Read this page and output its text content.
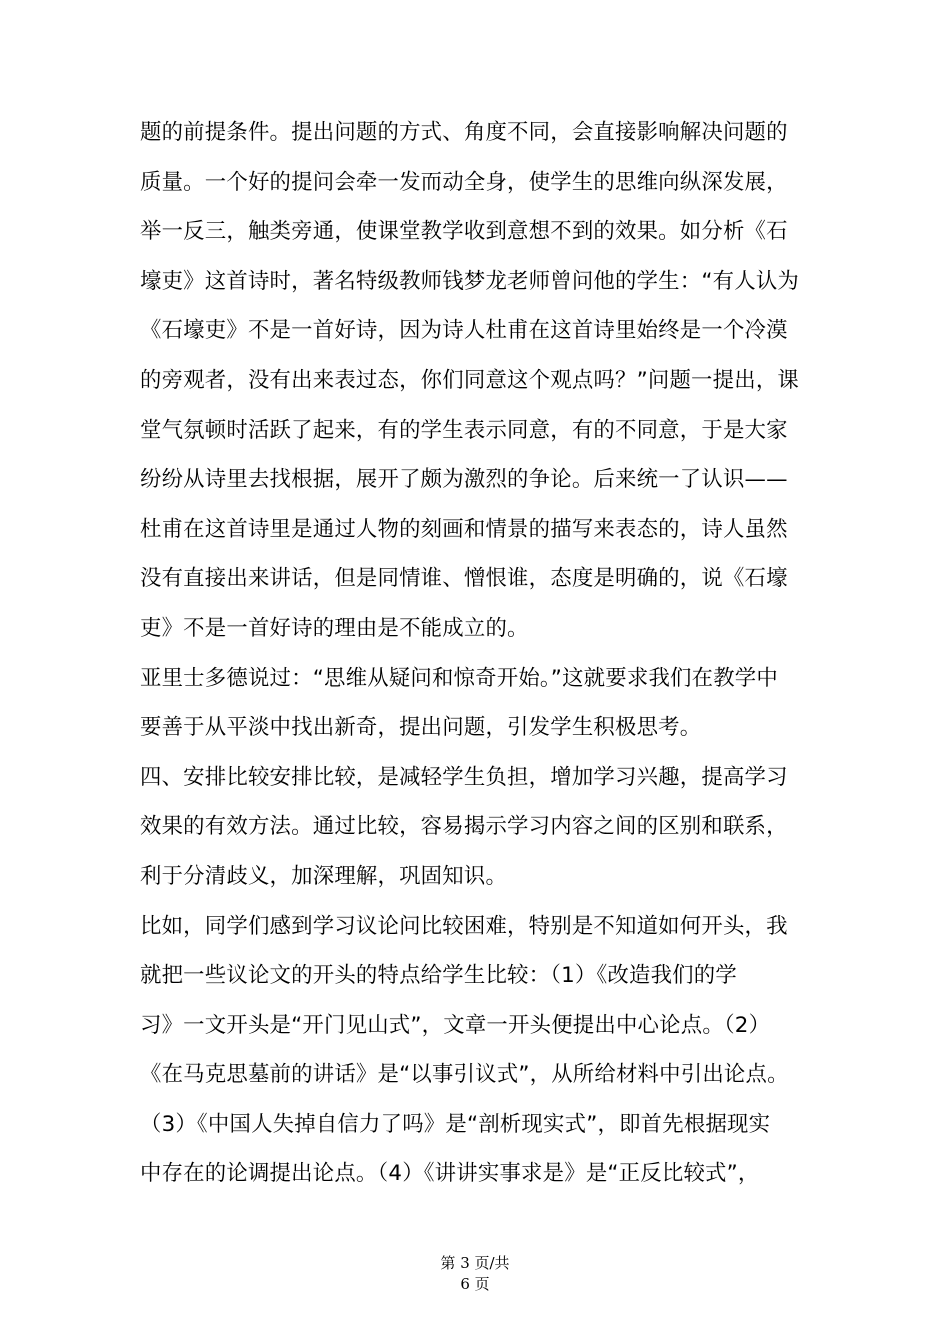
题的前提条件。提出问题的方式、角度不同，会直接影响解决问题的
质量。一个好的提问会牵一发而动全身，使学生的思维向纵深发展，
举一反三，触类旁通，使课堂教学收到意想不到的效果。如分析《石
壕吏》这首诗时，著名特级教师钱梦龙老师曾问他的学生：“有人认为
《石壕吏》不是一首好诗，因为诗人杜甫在这首诗里始终是一个冷漠
的旁观者，没有出来表过态，你们同意这个观点吗？”问题一提出，课
堂气氛顿时活跃了起来，有的学生表示同意，有的不同意，于是大家
纷纷从诗里去找根据，展开了颇为激烈的争论。后来统一了认识——
杜甫在这首诗里是通过人物的刻画和情景的描写来表态的，诗人虽然
没有直接出来讲话，但是同情谁、憎恨谁，态度是明确的，说《石壕
吏》不是一首好诗的理由是不能成立的。
亚里士多德说过：“思维从疑问和惊奇开始。”这就要求我们在教学中
要善于从平淡中找出新奇，提出问题，引发学生积极思考。
四、安排比较安排比较，是减轻学生负担，增加学习兴趣，提高学习
效果的有效方法。通过比较，容易揭示学习内容之间的区别和联系，
利于分清歧义，加深理解，巩固知识。
比如，同学们感到学习议论问比较困难，特别是不知道如何开头，我
就把一些议论文的开头的特点给学生比较：（1）《改造我们的学
习》一文开头是“开门见山式”，文章一开头便提出中心论点。（2）
《在马克思墓前的讲话》是“以事引议式”，从所给材料中引出论点。
（3）《中国人失掉自信力了吗》是“剖析现实式”，即首先根据现实
中存在的论调提出论点。（4）《讲讲实事求是》是“正反比较式”，
第 3 页/共
6 页
